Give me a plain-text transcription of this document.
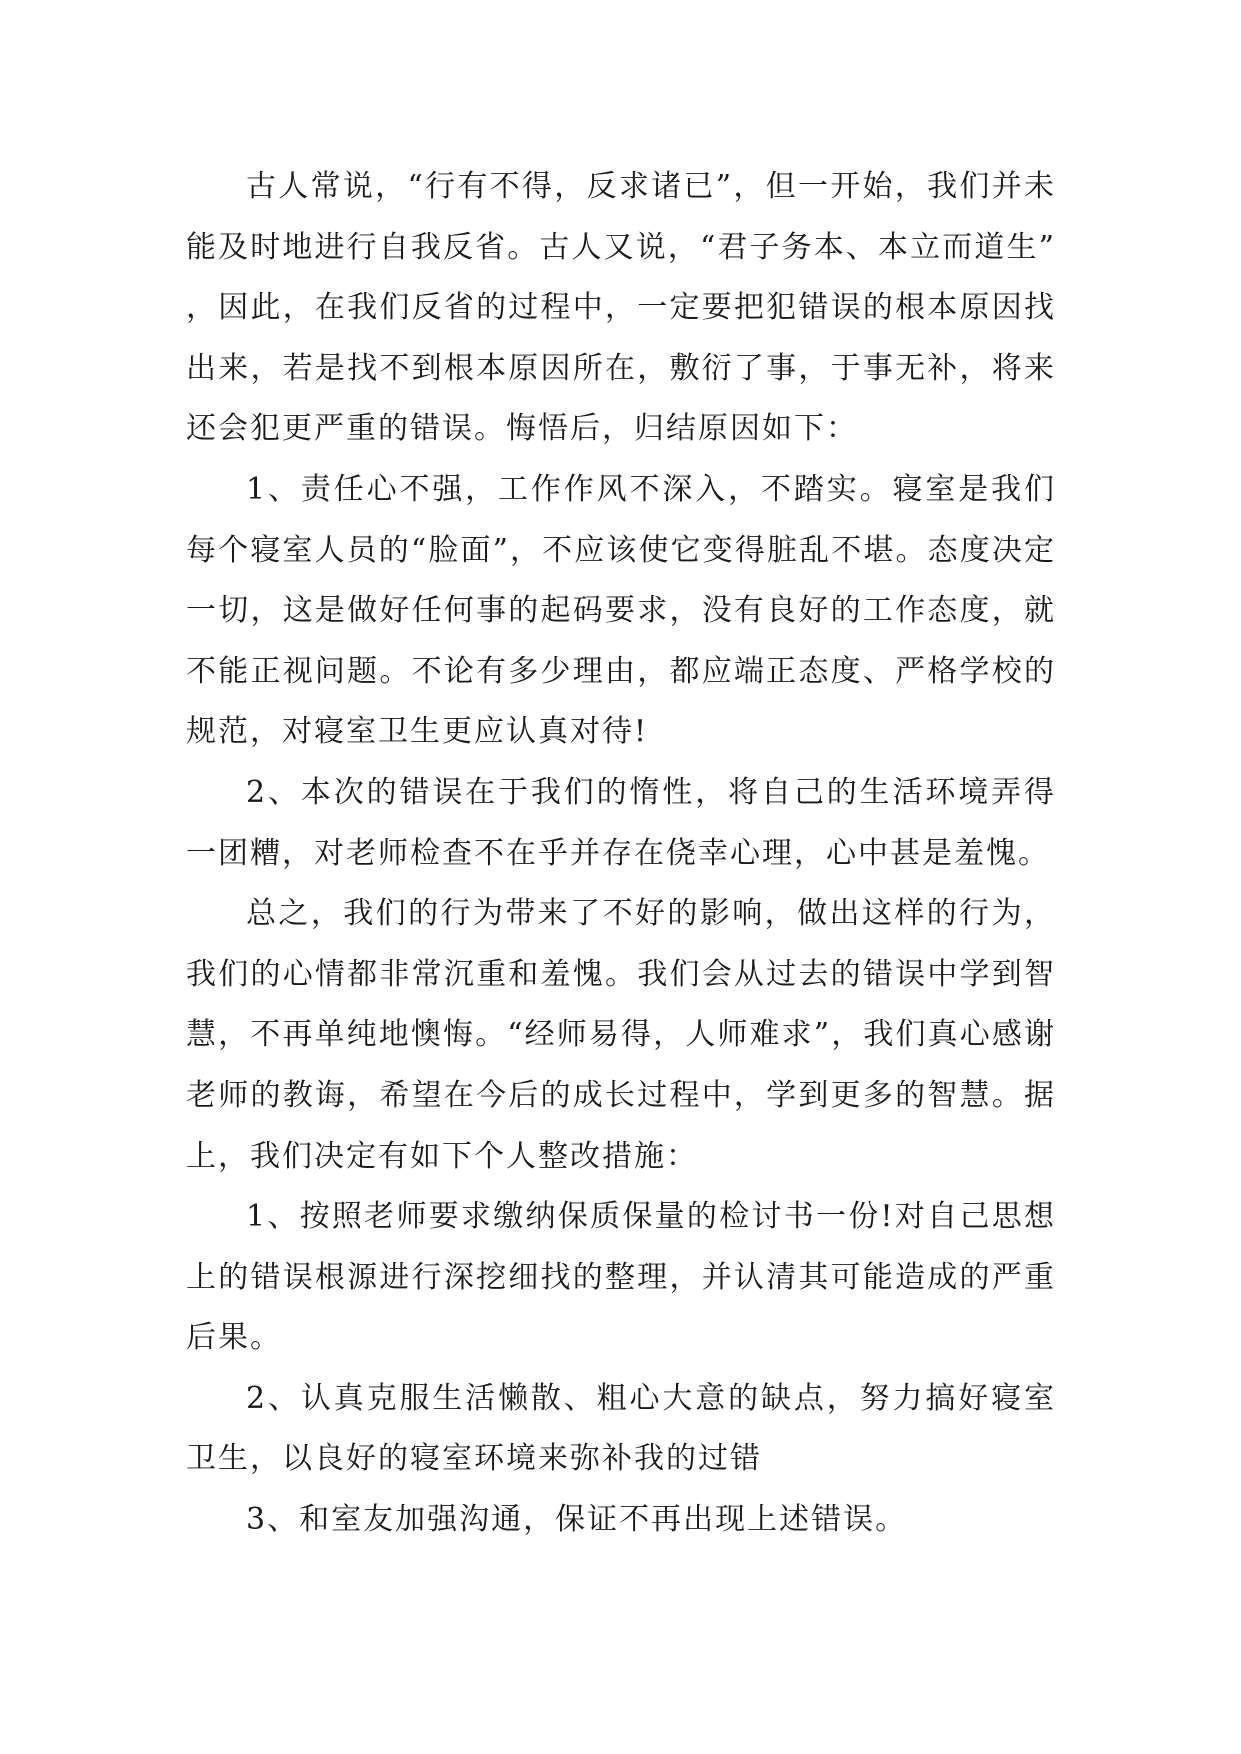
古人常说，“行有不得，反求诸已”，但一开始，我们并未能及时地进行自我反省。古人又说，“君子务本、本立而道生”，因此，在我们反省的过程中，一定要把犯错误的根本原因找出来，若是找不到根本原因所在，敷衍了事，于事无补，将来还会犯更严重的错误。悔悟后，归结原因如下：

1、责任心不强，工作作风不深入，不踏实。寝室是我们每个寝室人员的“脸面”，不应该使它变得脏乱不堪。态度决定一切，这是做好任何事的起码要求，没有良好的工作态度，就不能正视问题。不论有多少理由，都应端正态度、严格学校的规范，对寝室卫生更应认真对待!

2、本次的错误在于我们的惰性，将自己的生活环境弄得一团糟，对老师检查不在乎并存在侥幸心理，心中甚是羞愧。

总之，我们的行为带来了不好的影响，做出这样的行为，我们的心情都非常沉重和羞愧。我们会从过去的错误中学到智慧，不再单纯地懊悔。“经师易得，人师难求”，我们真心感谢老师的教诲，希望在今后的成长过程中，学到更多的智慧。据上，我们决定有如下个人整改措施：

1、按照老师要求缴纳保质保量的检讨书一份!对自己思想上的错误根源进行深挖细找的整理，并认清其可能造成的严重后果。

2、认真克服生活懒散、粗心大意的缺点，努力搞好寝室卫生，以良好的寝室环境来弥补我的过错

3、和室友加强沟通，保证不再出现上述错误。
